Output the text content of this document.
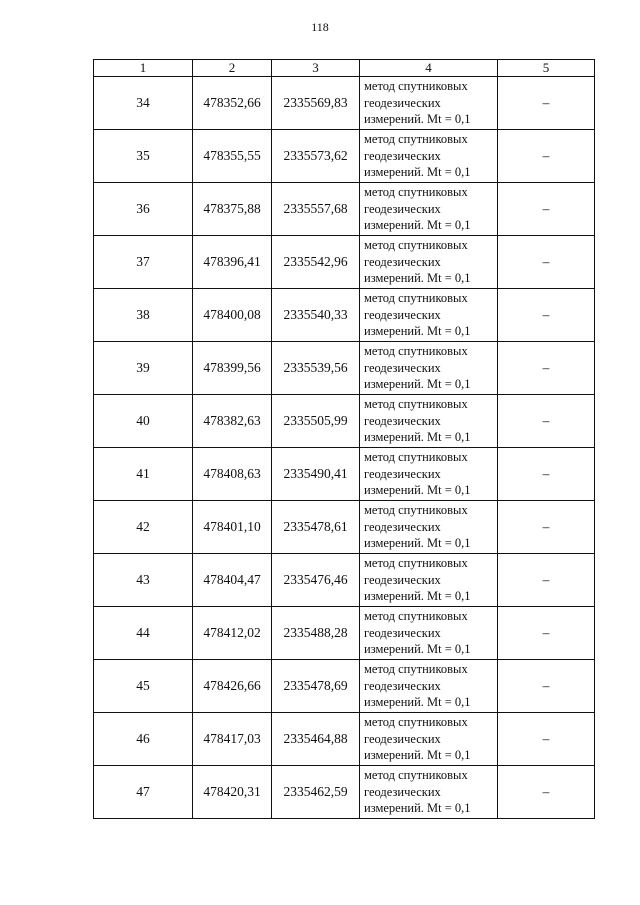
118
1	2	3	4	5
34	478352,66	2335569,83	метод спутниковых
геодезических
измерений. Mt = 0,1	–
35	478355,55	2335573,62	метод спутниковых
геодезических
измерений. Mt = 0,1	–
36	478375,88	2335557,68	метод спутниковых
геодезических
измерений. Mt = 0,1	–
37	478396,41	2335542,96	метод спутниковых
геодезических
измерений. Mt = 0,1	–
38	478400,08	2335540,33	метод спутниковых
геодезических
измерений. Mt = 0,1	–
39	478399,56	2335539,56	метод спутниковых
геодезических
измерений. Mt = 0,1	–
40	478382,63	2335505,99	метод спутниковых
геодезических
измерений. Mt = 0,1	–
41	478408,63	2335490,41	метод спутниковых
геодезических
измерений. Mt = 0,1	–
42	478401,10	2335478,61	метод спутниковых
геодезических
измерений. Mt = 0,1	–
43	478404,47	2335476,46	метод спутниковых
геодезических
измерений. Mt = 0,1	–
44	478412,02	2335488,28	метод спутниковых
геодезических
измерений. Mt = 0,1	–
45	478426,66	2335478,69	метод спутниковых
геодезических
измерений. Mt = 0,1	–
46	478417,03	2335464,88	метод спутниковых
геодезических
измерений. Mt = 0,1	–
47	478420,31	2335462,59	метод спутниковых
геодезических
измерений. Mt = 0,1	–
